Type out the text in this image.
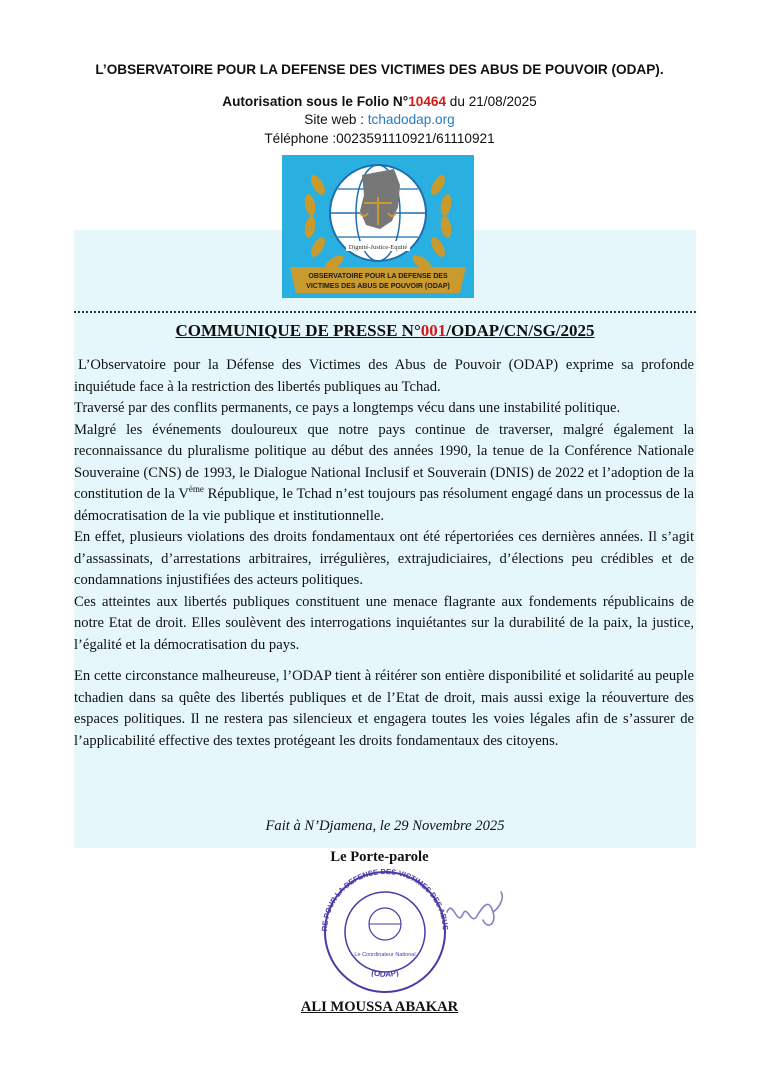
L’OBSERVATOIRE POUR LA DEFENSE DES VICTIMES DES ABUS DE POUVOIR (ODAP).
Autorisation sous le Folio N°10464 du 21/08/2025
Site web : tchadodap.org
Téléphone :0023591110921/61110921
Dignité-Justice-Equité
OBSERVATOIRE POUR LA DEFENSE DES
VICTIMES DES ABUS DE POUVOIR (ODAP)
COMMUNIQUE DE PRESSE N°001/ODAP/CN/SG/2025

L’Observatoire pour la Défense des Victimes des Abus de Pouvoir (ODAP) exprime sa profonde inquiétude face à la restriction des libertés publiques au Tchad.

Traversé par des conflits permanents, ce pays a longtemps vécu dans une instabilité politique.

Malgré les événements douloureux que notre pays continue de traverser, malgré également la reconnaissance du pluralisme politique au début des années 1990, la tenue de la Conférence Nationale Souveraine (CNS) de 1993, le Dialogue National Inclusif et Souverain (DNIS) de 2022 et l’adoption de la constitution de la Vème République, le Tchad n’est toujours pas résolument engagé dans un processus de la démocratisation de la vie publique et institutionnelle.

En effet, plusieurs violations des droits fondamentaux ont été répertoriées ces dernières années. Il s’agit d’assassinats, d’arrestations arbitraires, irrégulières, extrajudiciaires, d’élections peu crédibles et de condamnations injustifiées des acteurs politiques.

Ces atteintes aux libertés publiques constituent une menace flagrante aux fondements républicains de notre Etat de droit. Elles soulèvent des interrogations inquiétantes sur la durabilité de la paix, la justice, l’égalité et la démocratisation du pays.

En cette circonstance malheureuse, l’ODAP tient à réitérer son entière disponibilité et solidarité au peuple tchadien dans sa quête des libertés publiques et de l’Etat de droit, mais aussi exige la réouverture des espaces politiques. Il ne restera pas silencieux et engagera toutes les voies légales afin de s’assurer de l’applicabilité effective des textes protégeant les droits fondamentaux des citoyens.

Fait à N’Djamena, le 29 Novembre 2025
Le Porte-parole
RE POUR LA DEFENSE DES VICTIMES DES ABUS
(ODAP)
Le Coordinateur National
ALI MOUSSA ABAKAR
